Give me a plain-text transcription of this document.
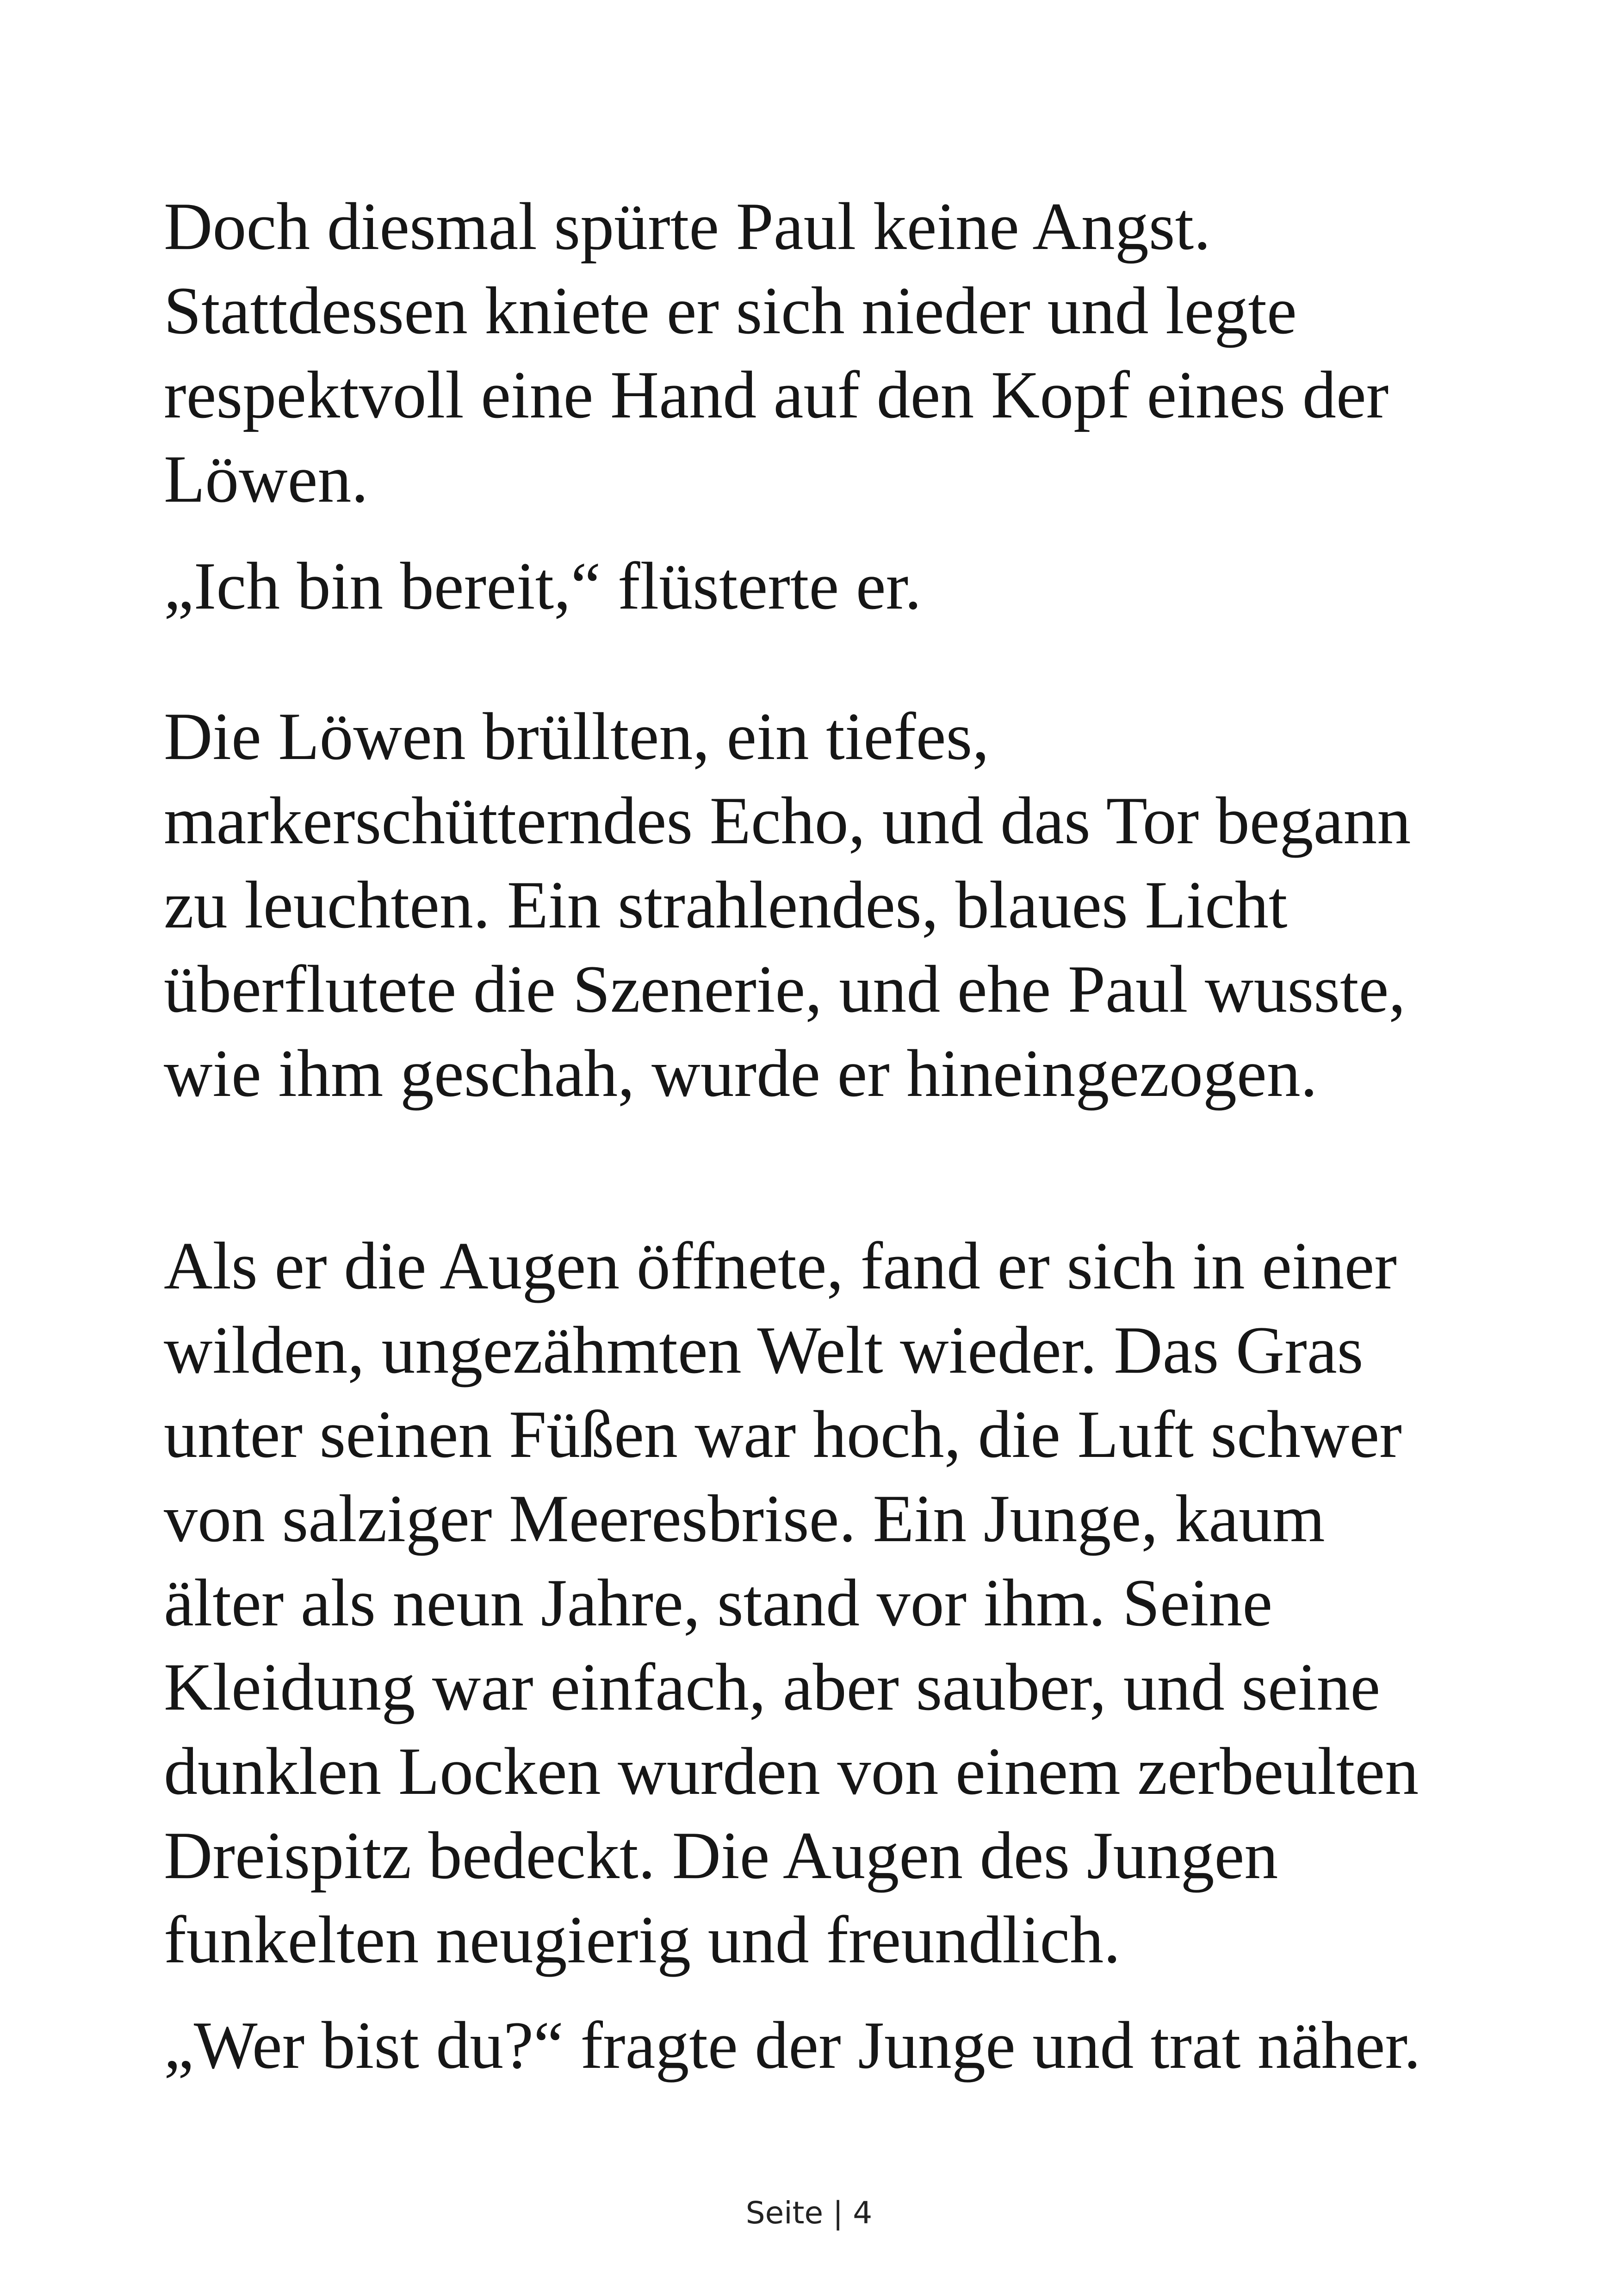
Doch diesmal spürte Paul keine Angst.
Stattdessen kniete er sich nieder und legte
respektvoll eine Hand auf den Kopf eines der
Löwen.
„Ich bin bereit,“ flüsterte er.
Die Löwen brüllten, ein tiefes,
markerschütterndes Echo, und das Tor begann
zu leuchten. Ein strahlendes, blaues Licht
überflutete die Szenerie, und ehe Paul wusste,
wie ihm geschah, wurde er hineingezogen.
Als er die Augen öffnete, fand er sich in einer
wilden, ungezähmten Welt wieder. Das Gras
unter seinen Füßen war hoch, die Luft schwer
von salziger Meeresbrise. Ein Junge, kaum
älter als neun Jahre, stand vor ihm. Seine
Kleidung war einfach, aber sauber, und seine
dunklen Locken wurden von einem zerbeulten
Dreispitz bedeckt. Die Augen des Jungen
funkelten neugierig und freundlich.
„Wer bist du?“ fragte der Junge und trat näher.
Seite | 4
